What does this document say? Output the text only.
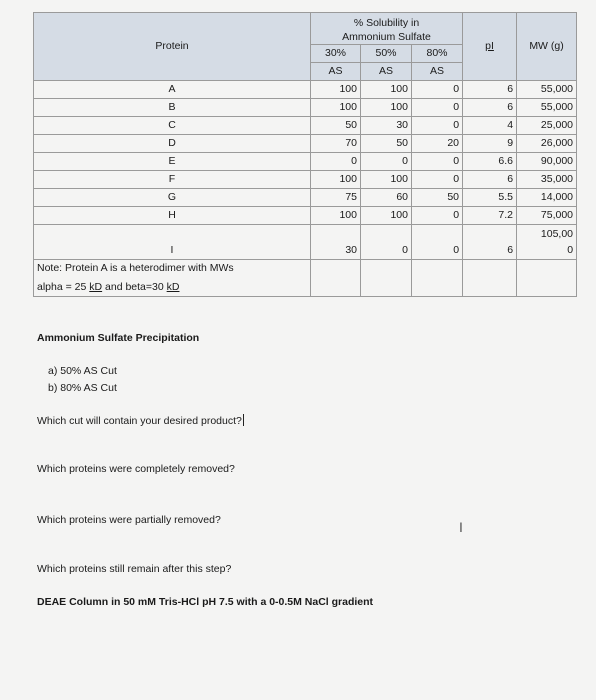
Protein	% Solubility in
Ammonium Sulfate			pI	MW (g)
	30%	50%	80%		
	AS	AS	AS		
A	100	100	0	6	55,000
B	100	100	0	6	55,000
C	50	30	0	4	25,000
D	70	50	20	9	26,000
E	0	0	0	6.6	90,000
F	100	100	0	6	35,000
G	75	60	50	5.5	14,000
H	100	100	0	7.2	75,000
I	30	0	0	6	105,00
0

Note: Protein A is a heterodimer with MWs
alpha = 25 kD and beta=30 kD					

Ammonium Sulfate Precipitation
a) 50% AS Cut
b) 80% AS Cut
Which cut will contain your desired product?
Which proteins were completely removed?
Which proteins were partially removed?	I
Which proteins still remain after this step?
DEAE Column in 50 mM Tris-HCl pH 7.5 with a 0-0.5M NaCl gradient
